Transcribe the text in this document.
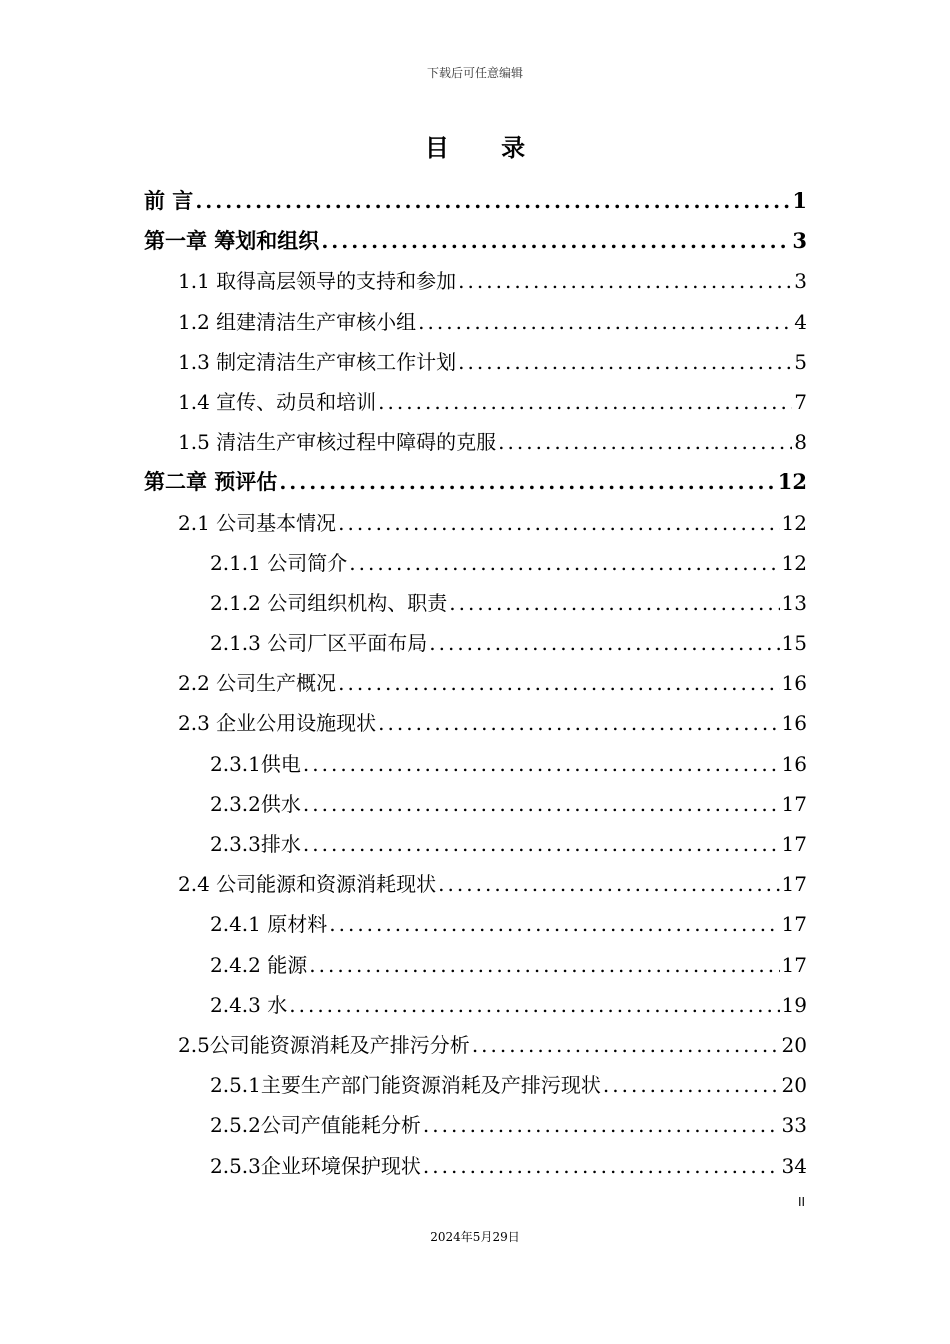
下载后可任意编辑
目 录
前 言 .....	1
第一章 筹划和组织 .....	3
1.1 取得高层领导的支持和参加 .....	3
1.2 组建清洁生产审核小组 .....	4
1.3 制定清洁生产审核工作计划 .....	5
1.4 宣传、动员和培训 .....	7
1.5 清洁生产审核过程中障碍的克服 .....	8
第二章 预评估 .....	12
2.1 公司基本情况 .....	12
2.1.1 公司简介 .....	12
2.1.2 公司组织机构、职责 .....	13
2.1.3 公司厂区平面布局 .....	15
2.2 公司生产概况 .....	16
2.3 企业公用设施现状 .....	16
2.3.1供电 .....	16
2.3.2供水 .....	17
2.3.3排水 .....	17
2.4 公司能源和资源消耗现状 .....	17
2.4.1 原材料 .....	17
2.4.2 能源 .....	17
2.4.3 水 .....	19
2.5公司能资源消耗及产排污分析 .....	20
2.5.1主要生产部门能资源消耗及产排污现状 .....	20
2.5.2公司产值能耗分析 .....	33
2.5.3企业环境保护现状 .....	34
II
2024年5月29日
